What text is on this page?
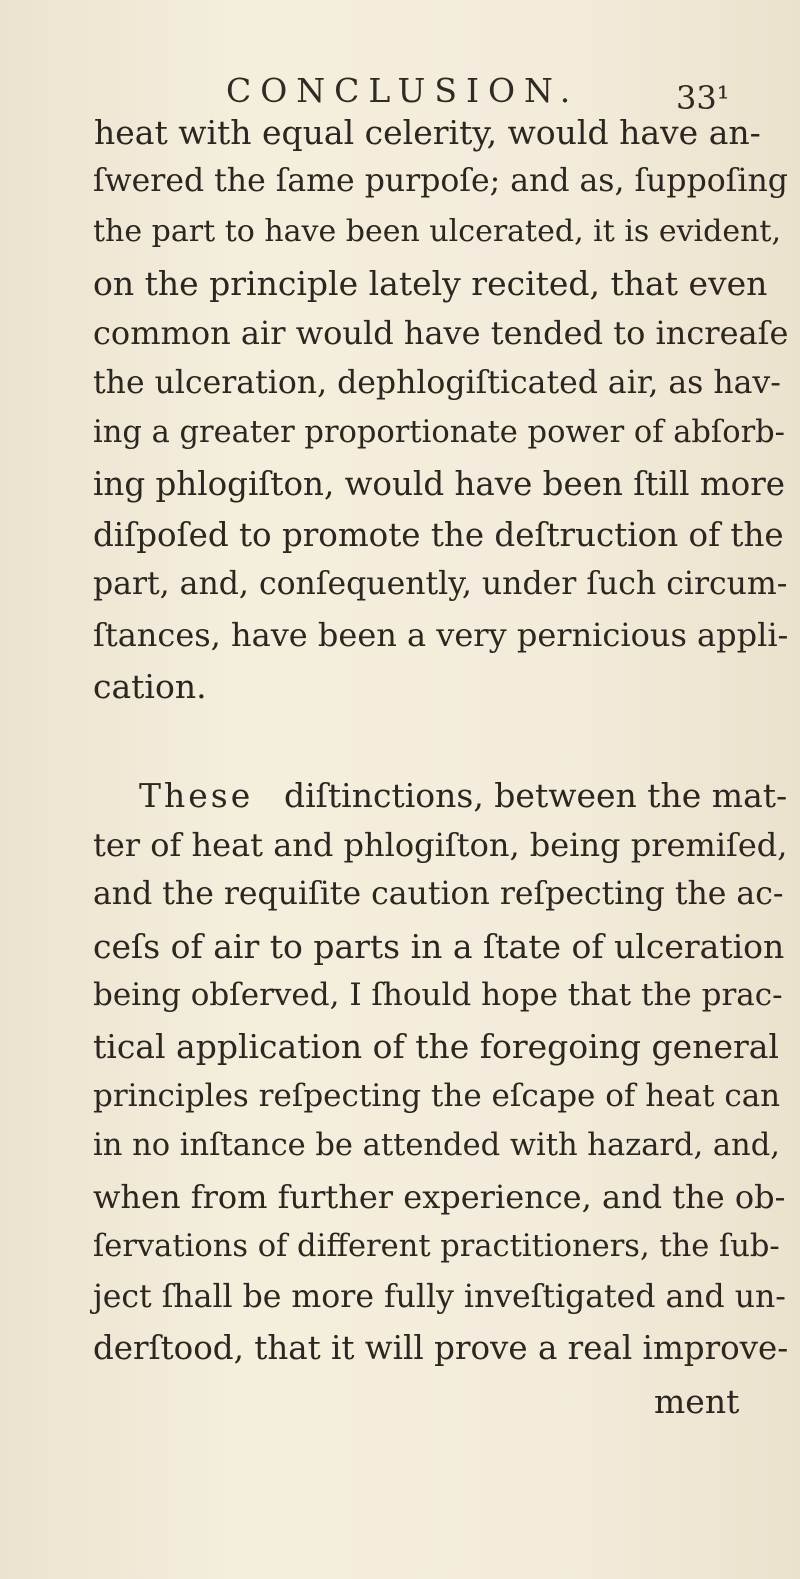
CONCLUSION.	33¹
heat with equal celerity, would have an-
ſwered the ſame purpoſe; and as, ſuppoſing
the part to have been ulcerated, it is evident,
on the principle lately recited, that even
common air would have tended to increaſe
the ulceration, dephlogiſticated air, as hav-
ing a greater proportionate power of abſorb-
ing phlogiſton, would have been ſtill more
diſpoſed to promote the deſtruction of the
part, and, conſequently, under ſuch circum-
ſtances, have been a very pernicious appli-
cation.
These diſtinctions, between the mat-
ter of heat and phlogiſton, being premiſed,
and the requiſite caution reſpecting the ac-
ceſs of air to parts in a ſtate of ulceration
being obſerved, I ſhould hope that the prac-
tical application of the foregoing general
principles reſpecting the eſcape of heat can
in no inſtance be attended with hazard, and,
when from further experience, and the ob-
ſervations of different practitioners, the ſub-
ject ſhall be more fully inveſtigated and un-
derſtood, that it will prove a real improve-
ment
